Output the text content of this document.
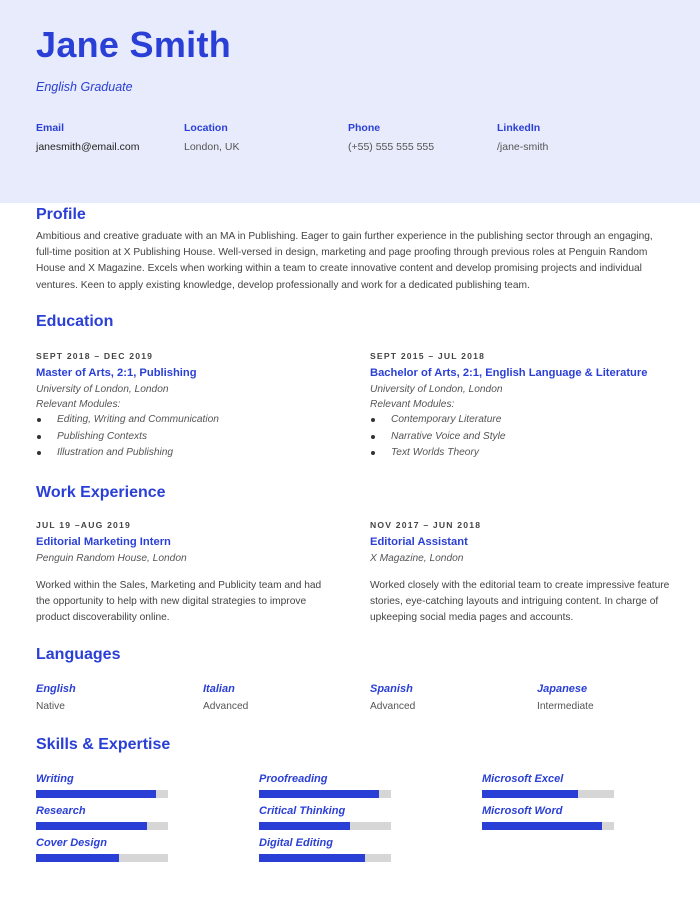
Jane Smith
English Graduate
Email
janesmith@email.com
Location
London, UK
Phone
(+55) 555 555 555
LinkedIn
/jane-smith
Profile
Ambitious and creative graduate with an MA in Publishing. Eager to gain further experience in the publishing sector through an engaging, full-time position at X Publishing House. Well-versed in design, marketing and page proofing through previous roles at Penguin Random House and X Magazine. Excels when working within a team to create innovative content and develop promising projects and individual ventures. Keen to apply existing knowledge, develop professionally and work for a dedicated publishing team.
Education
SEPT 2018 – DEC 2019
Master of Arts, 2:1, Publishing
University of London, London
Relevant Modules:
Editing, Writing and Communication
Publishing Contexts
Illustration and Publishing
SEPT 2015 – JUL 2018
Bachelor of Arts, 2:1, English Language & Literature
University of London, London
Relevant Modules:
Contemporary Literature
Narrative Voice and Style
Text Worlds Theory
Work Experience
JUL 19 –AUG 2019
Editorial Marketing Intern
Penguin Random House, London
Worked within the Sales, Marketing and Publicity team and had the opportunity to help with new digital strategies to improve product discoverability online.
NOV 2017 – JUN 2018
Editorial Assistant
X Magazine, London
Worked closely with the editorial team to create impressive feature stories, eye-catching layouts and intriguing content. In charge of upkeeping social media pages and accounts.
Languages
English
Native
Italian
Advanced
Spanish
Advanced
Japanese
Intermediate
Skills & Expertise
Writing
Research
Cover Design
Proofreading
Critical Thinking
Digital Editing
Microsoft Excel
Microsoft Word
